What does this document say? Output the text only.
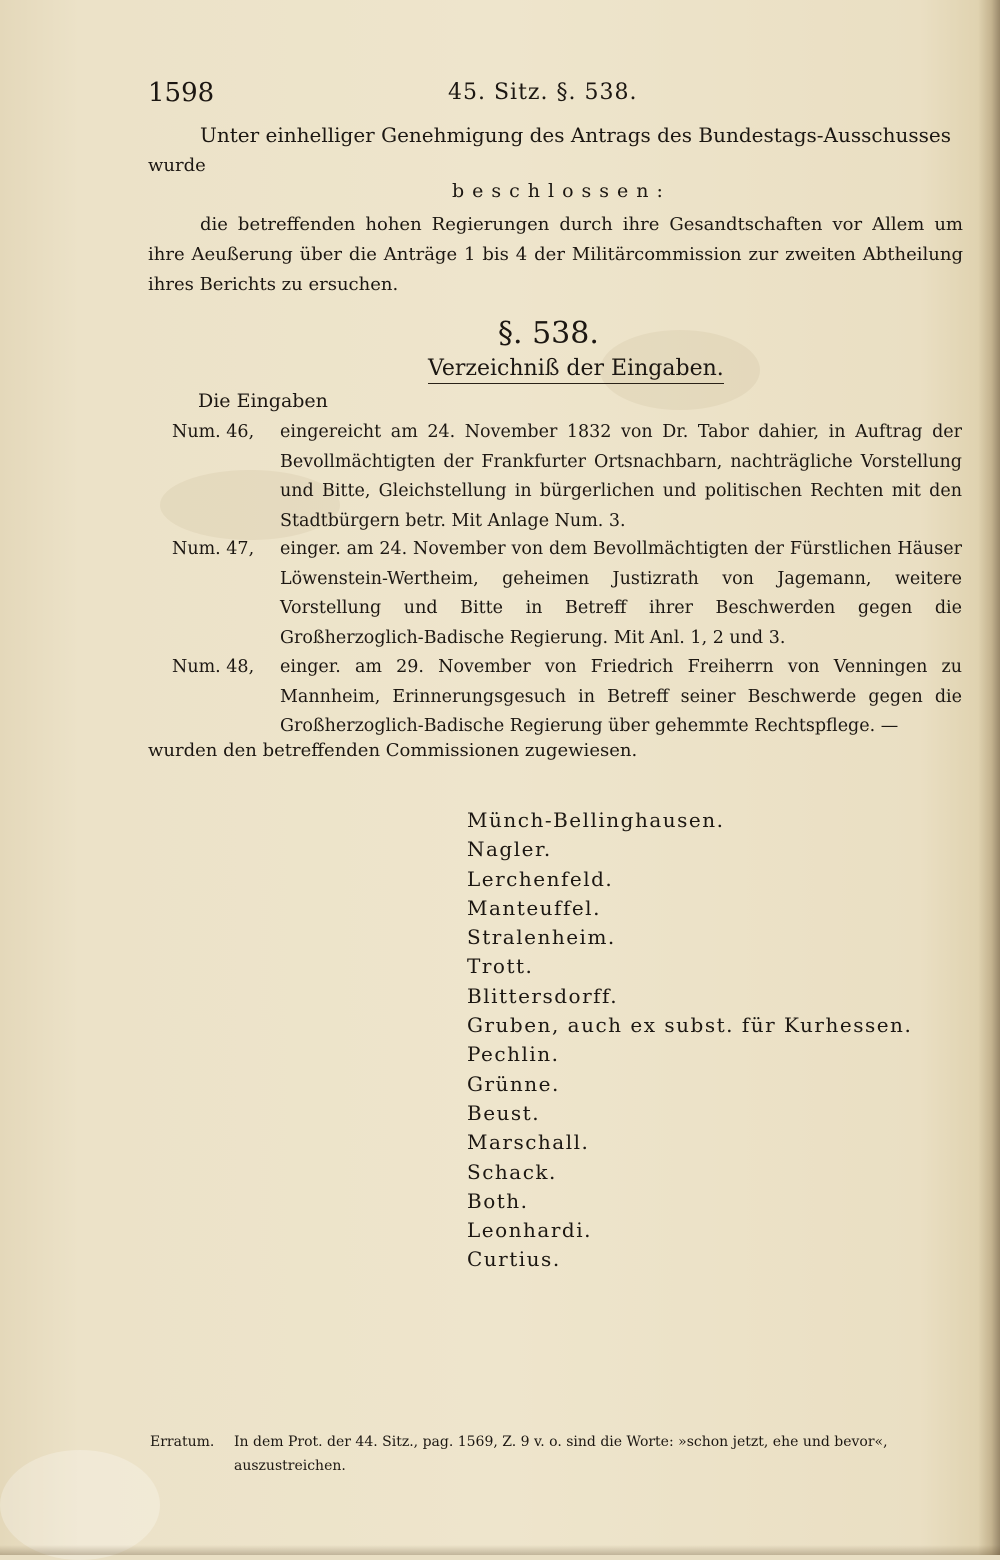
1598	45. Sitz. §. 538.
Unter einhelliger Genehmigung des Antrags des Bundestags-Ausschusses
wurde
beschlossen:
die betreffenden hohen Regierungen durch ihre Gesandtschaften vor Allem um ihre Aeußerung über die Anträge 1 bis 4 der Militärcommission zur zweiten Abtheilung ihres Berichts zu ersuchen.
§. 538.
Verzeichniß der Eingaben.
Die Eingaben
Num. 46, eingereicht am 24. November 1832 von Dr. Tabor dahier, in Auftrag der Bevollmächtigten der Frankfurter Ortsnachbarn, nachträgliche Vorstellung und Bitte, Gleichstellung in bürgerlichen und politischen Rechten mit den Stadtbürgern betr. Mit Anlage Num. 3.
Num. 47, einger. am 24. November von dem Bevollmächtigten der Fürstlichen Häuser Löwenstein-Wertheim, geheimen Justizrath von Jagemann, weitere Vorstellung und Bitte in Betreff ihrer Beschwerden gegen die Großherzoglich-Badische Regierung. Mit Anl. 1, 2 und 3.
Num. 48, einger. am 29. November von Friedrich Freiherrn von Venningen zu Mannheim, Erinnerungsgesuch in Betreff seiner Beschwerde gegen die Großherzoglich-Badische Regierung über gehemmte Rechtspflege. —
wurden den betreffenden Commissionen zugewiesen.
Münch-Bellinghausen.
Nagler.
Lerchenfeld.
Manteuffel.
Stralenheim.
Trott.
Blittersdorff.
Gruben, auch ex subst. für Kurhessen.
Pechlin.
Grünne.
Beust.
Marschall.
Schack.
Both.
Leonhardi.
Curtius.
Erratum. In dem Prot. der 44. Sitz., pag. 1569, Z. 9 v. o. sind die Worte: »schon jetzt, ehe und bevor«, auszustreichen.
